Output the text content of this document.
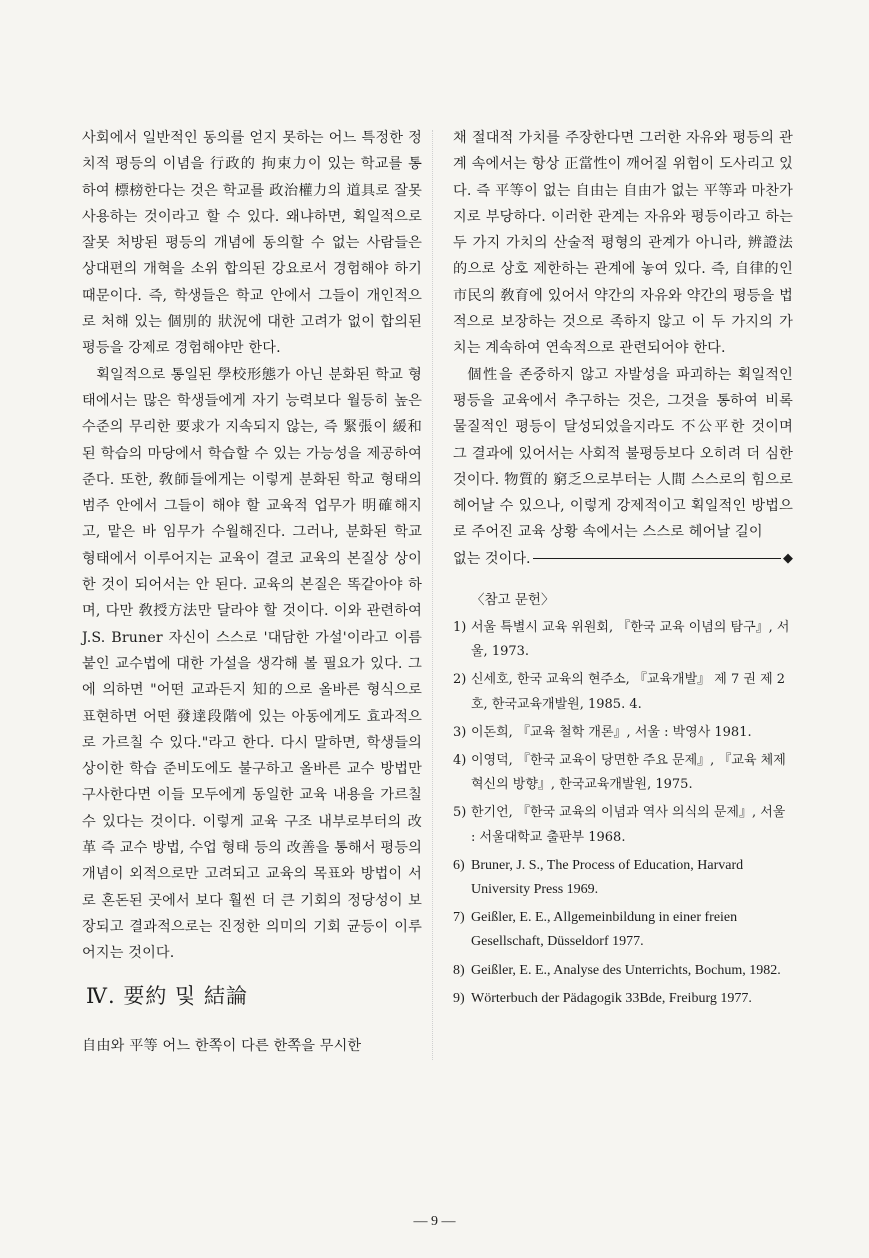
사회에서 일반적인 동의를 얻지 못하는 어느 특정한 정치적 평등의 이념을 行政的 拘束力이 있는 학교를 통하여 標榜한다는 것은 학교를 政治權力의 道具로 잘못 사용하는 것이라고 할 수 있다. 왜냐하면, 획일적으로 잘못 처방된 평등의 개념에 동의할 수 없는 사람들은 상대편의 개혁을 소위 합의된 강요로서 경험해야 하기 때문이다. 즉, 학생들은 학교 안에서 그들이 개인적으로 처해 있는 個別的 狀況에 대한 고려가 없이 합의된 평등을 강제로 경험해야만 한다.

획일적으로 통일된 學校形態가 아닌 분화된 학교 형태에서는 많은 학생들에게 자기 능력보다 월등히 높은 수준의 무리한 要求가 지속되지 않는, 즉 緊張이 緩和된 학습의 마당에서 학습할 수 있는 가능성을 제공하여 준다. 또한, 敎師들에게는 이렇게 분화된 학교 형태의 범주 안에서 그들이 해야 할 교육적 업무가 明確해지고, 맡은 바 임무가 수월해진다. 그러나, 분화된 학교 형태에서 이루어지는 교육이 결코 교육의 본질상 상이한 것이 되어서는 안 된다. 교육의 본질은 똑같아야 하며, 다만 敎授方法만 달라야 할 것이다. 이와 관련하여 J.S. Bruner 자신이 스스로 '대담한 가설'이라고 이름 붙인 교수법에 대한 가설을 생각해 볼 필요가 있다. 그에 의하면 "어떤 교과든지 知的으로 올바른 형식으로 표현하면 어떤 發達段階에 있는 아동에게도 효과적으로 가르칠 수 있다."라고 한다. 다시 말하면, 학생들의 상이한 학습 준비도에도 불구하고 올바른 교수 방법만 구사한다면 이들 모두에게 동일한 교육 내용을 가르칠 수 있다는 것이다. 이렇게 교육 구조 내부로부터의 改革 즉 교수 방법, 수업 형태 등의 改善을 통해서 평등의 개념이 외적으로만 고려되고 교육의 목표와 방법이 서로 혼돈된 곳에서 보다 훨씬 더 큰 기회의 정당성이 보장되고 결과적으로는 진정한 의미의 기회 균등이 이루어지는 것이다.

Ⅳ. 要約 및 結論

自由와 平等 어느 한쪽이 다른 한쪽을 무시한

채 절대적 가치를 주장한다면 그러한 자유와 평등의 관계 속에서는 항상 正當性이 깨어질 위험이 도사리고 있다. 즉 平等이 없는 自由는 自由가 없는 平等과 마찬가지로 부당하다. 이러한 관계는 자유와 평등이라고 하는 두 가지 가치의 산술적 평형의 관계가 아니라, 辨證法的으로 상호 제한하는 관계에 놓여 있다. 즉, 自律的인 市民의 敎育에 있어서 약간의 자유와 약간의 평등을 법적으로 보장하는 것으로 족하지 않고 이 두 가지의 가치는 계속하여 연속적으로 관련되어야 한다.

個性을 존중하지 않고 자발성을 파괴하는 획일적인 평등을 교육에서 추구하는 것은, 그것을 통하여 비록 물질적인 평등이 달성되었을지라도 不公平한 것이며 그 결과에 있어서는 사회적 불평등보다 오히려 더 심한 것이다. 物質的 窮乏으로부터는 人間 스스로의 힘으로 헤어날 수 있으나, 이렇게 강제적이고 획일적인 방법으로 주어진 교육 상황 속에서는 스스로 헤어날 길이

없는 것이다.	◆
〈참고 문헌〉
1) 서울 특별시 교육 위원회, 『한국 교육 이념의 탐구』, 서울, 1973.
2) 신세호, 한국 교육의 현주소, 『교육개발』 제 7 권 제 2 호, 한국교육개발원, 1985. 4.
3) 이돈희, 『교육 철학 개론』, 서울 : 박영사 1981.
4) 이영덕, 『한국 교육이 당면한 주요 문제』, 『교육 체제 혁신의 방향』, 한국교육개발원, 1975.
5) 한기언, 『한국 교육의 이념과 역사 의식의 문제』, 서울 : 서울대학교 출판부 1968.
6) Bruner, J. S., The Process of Education, Harvard University Press 1969.
7) Geißler, E. E., Allgemeinbildung in einer freien Gesellschaft, Düsseldorf 1977.
8) Geißler, E. E., Analyse des Unterrichts, Bochum, 1982.
9) Wörterbuch der Pädagogik 33Bde, Freiburg 1977.
— 9 —
